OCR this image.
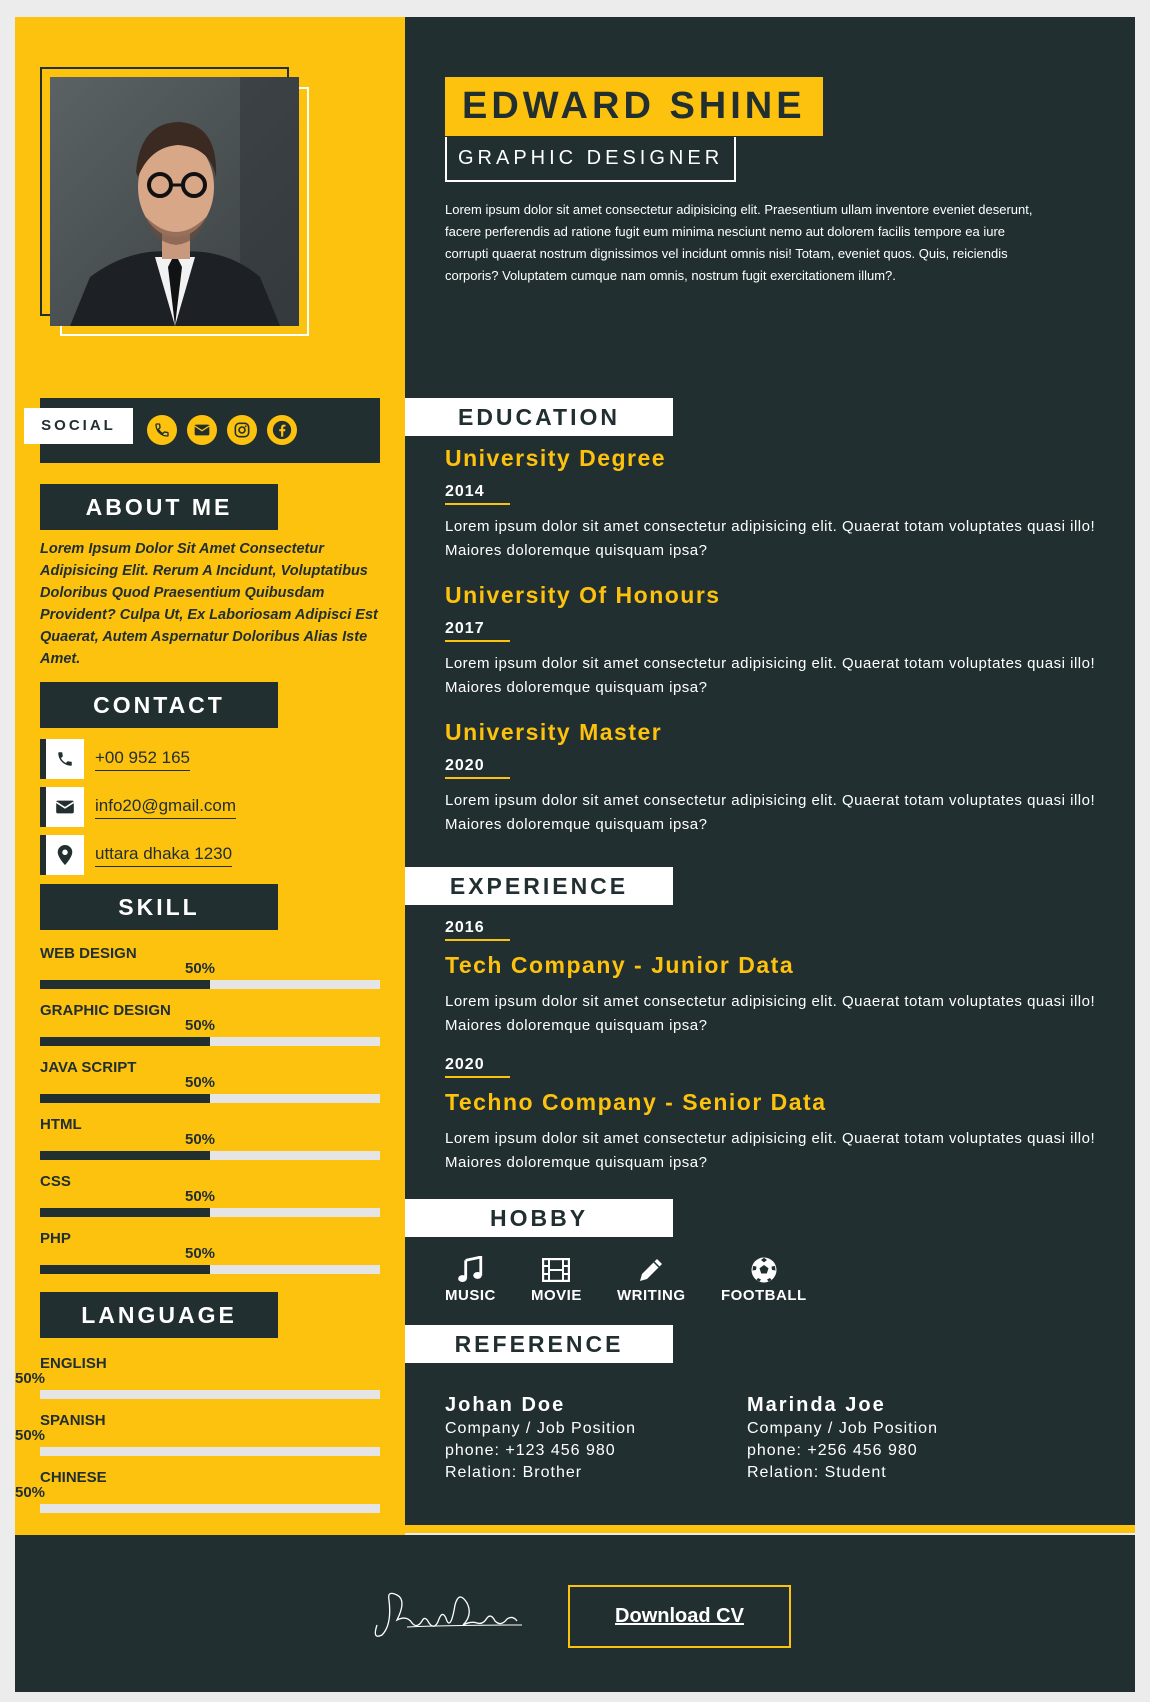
SOCIAL
ABOUT ME
Lorem Ipsum Dolor Sit Amet Consectetur Adipisicing Elit. Rerum A Incidunt, Voluptatibus Doloribus Quod Praesentium Quibusdam Provident? Culpa Ut, Ex Laboriosam Adipisci Est Quaerat, Autem Aspernatur Doloribus Alias Iste Amet.
CONTACT
+00 952 165
info20@gmail.com
uttara dhaka 1230
SKILL
WEB DESIGN
50%
GRAPHIC DESIGN
50%
JAVA SCRIPT
50%
HTML
50%
CSS
50%
PHP
50%
LANGUAGE
ENGLISH
50%
SPANISH
50%
CHINESE
50%
EDWARD SHINE
GRAPHIC DESIGNER
Lorem ipsum dolor sit amet consectetur adipisicing elit. Praesentium ullam inventore eveniet deserunt, facere perferendis ad ratione fugit eum minima nesciunt nemo aut dolorem facilis tempore ea iure corrupti quaerat nostrum dignissimos vel incidunt omnis nisi! Totam, eveniet quos. Quis, reiciendis corporis? Voluptatem cumque nam omnis, nostrum fugit exercitationem illum?.
EDUCATION
University Degree
2014
Lorem ipsum dolor sit amet consectetur adipisicing elit. Quaerat totam voluptates quasi illo! Maiores doloremque quisquam ipsa?
University Of Honours
2017
Lorem ipsum dolor sit amet consectetur adipisicing elit. Quaerat totam voluptates quasi illo! Maiores doloremque quisquam ipsa?
University Master
2020
Lorem ipsum dolor sit amet consectetur adipisicing elit. Quaerat totam voluptates quasi illo! Maiores doloremque quisquam ipsa?
EXPERIENCE
2016
Tech Company - Junior Data
Lorem ipsum dolor sit amet consectetur adipisicing elit. Quaerat totam voluptates quasi illo! Maiores doloremque quisquam ipsa?
2020
Techno Company - Senior Data
Lorem ipsum dolor sit amet consectetur adipisicing elit. Quaerat totam voluptates quasi illo! Maiores doloremque quisquam ipsa?
HOBBY
MUSIC MOVIE WRITING FOOTBALL
REFERENCE
Johan Doe
Company / Job Position
phone: +123 456 980
Relation: Brother
Marinda Joe
Company / Job Position
phone: +256 456 980
Relation: Student
Download CV
